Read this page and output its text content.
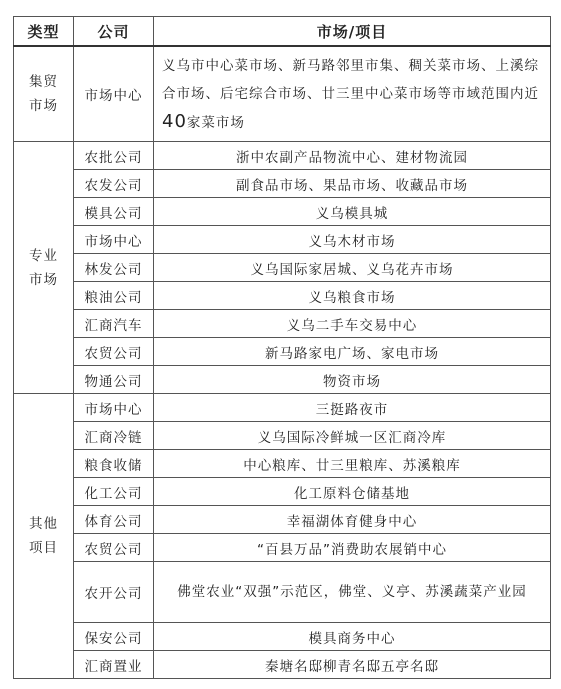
类型	公司	市场/项目

集贸
市场	市场中心	义乌市中心菜市场、新马路邻里市集、稠关菜市场、上溪综合市场、后宅综合市场、廿三里中心菜市场等市域范围内近40家菜市场

专业
市场	农批公司	浙中农副产品物流中心、建材物流园
	农发公司	副食品市场、果品市场、收藏品市场
	模具公司	义乌模具城
	市场中心	义乌木材市场
	林发公司	义乌国际家居城、义乌花卉市场
	粮油公司	义乌粮食市场
	汇商汽车	义乌二手车交易中心
	农贸公司	新马路家电广场、家电市场
	物通公司	物资市场

其他
项目	市场中心	三挺路夜市
	汇商冷链	义乌国际冷鲜城一区汇商冷库
	粮食收储	中心粮库、廿三里粮库、苏溪粮库
	化工公司	化工原料仓储基地
	体育公司	幸福湖体育健身中心
	农贸公司	“百县万品”消费助农展销中心
	农开公司	佛堂农业“双强”示范区，佛堂、义亭、苏溪蔬菜产业园
	保安公司	模具商务中心
	汇商置业	秦塘名邸柳青名邸五亭名邸
